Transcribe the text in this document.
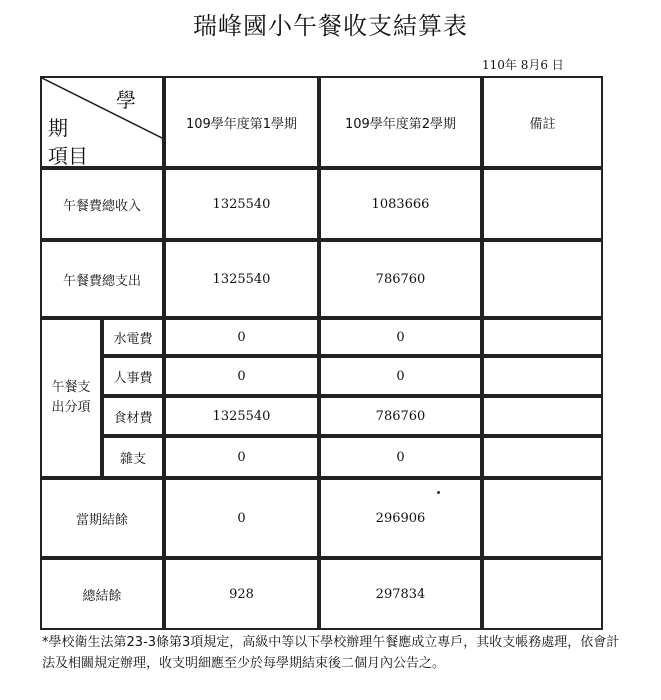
瑞峰國小午餐收支結算表
110年 8月6 日
學
期
項目
109學年度第1學期	109學年度第2學期	備註
午餐費總收入	1325540	1083666
午餐費總支出	1325540	786760
午餐支
出分項
水電費	0	0
人事費	0	0
食材費	1325540	786760
雜支	0	0
當期結餘	0	296906
總結餘	928	297834
*學校衛生法第23-3條第3項規定，高級中等以下學校辦理午餐應成立專戶，其收支帳務處理，依會計法及相關規定辦理，收支明細應至少於每學期結束後二個月內公告之。
